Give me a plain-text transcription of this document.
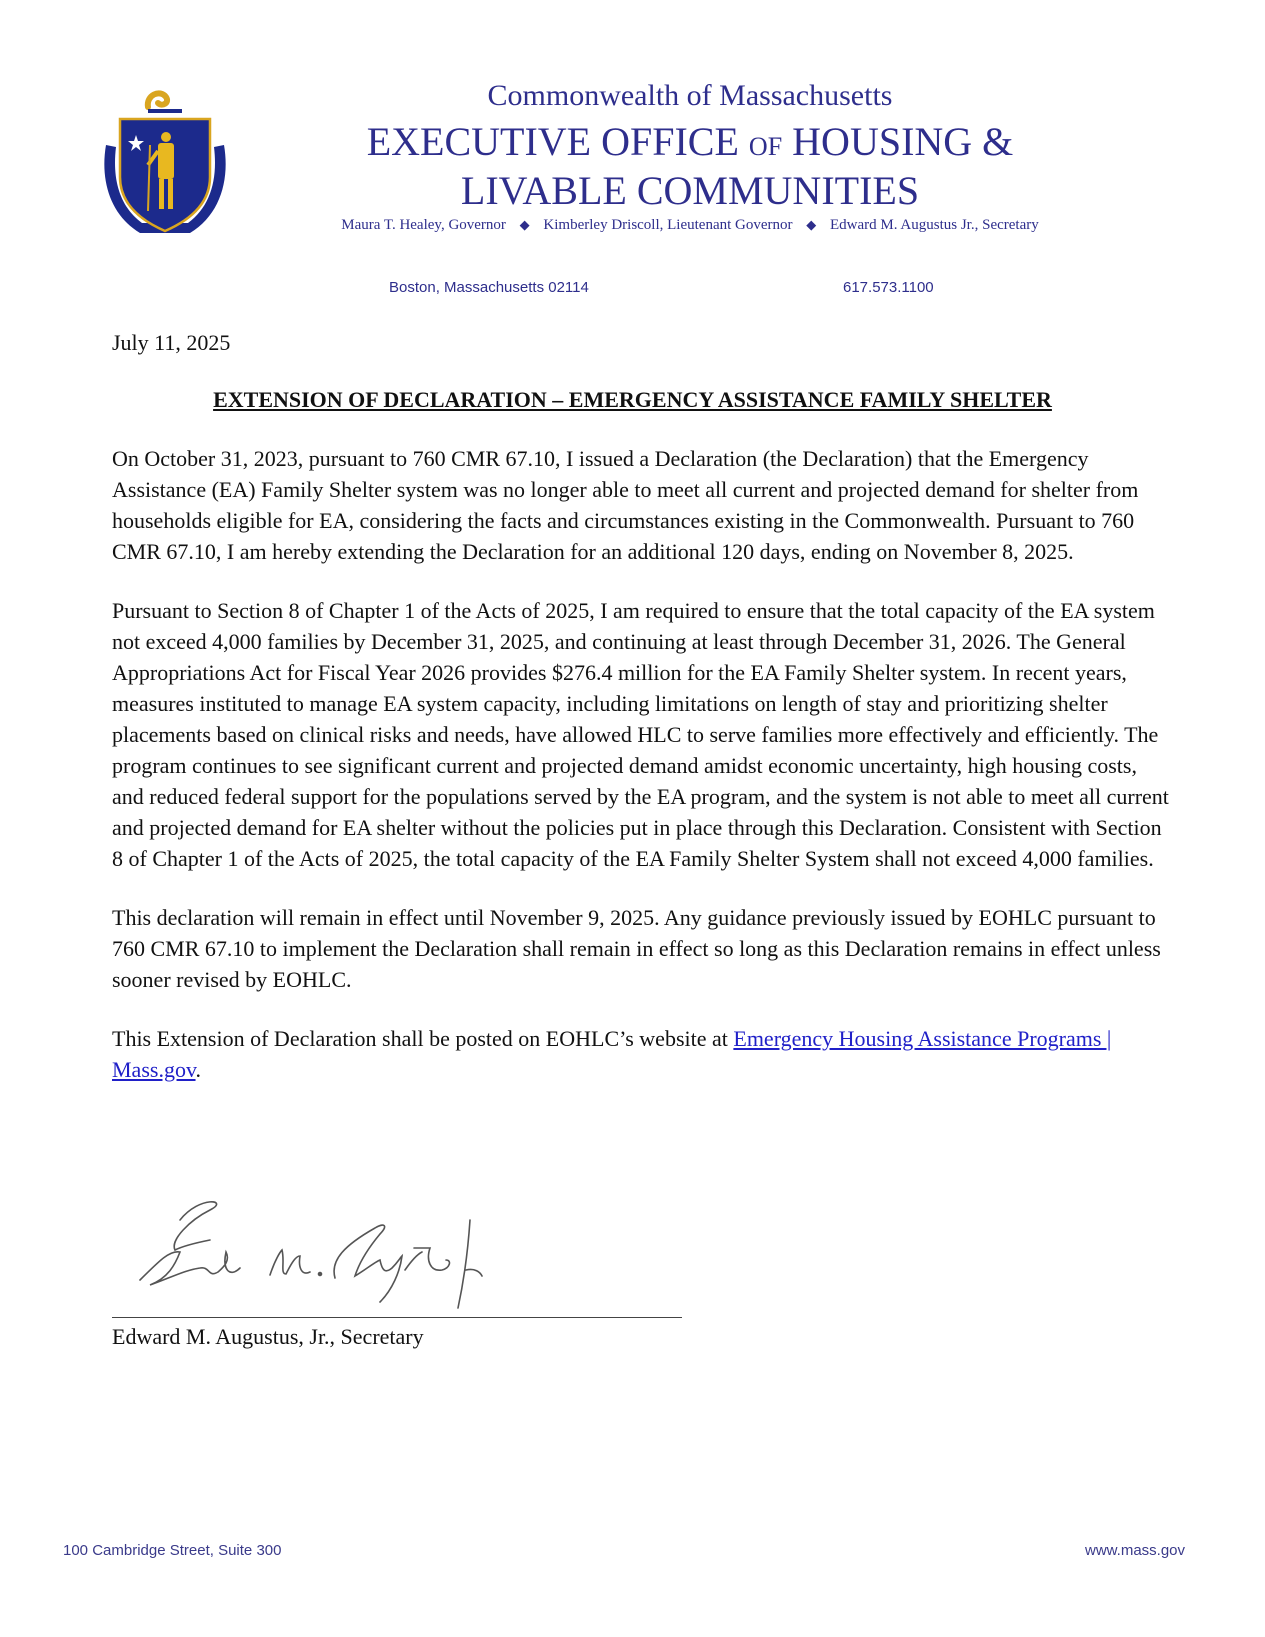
Commonwealth of Massachusetts
EXECUTIVE OFFICE OF HOUSING &
LIVABLE COMMUNITIES
Maura T. Healey, Governor ◆ Kimberley Driscoll, Lieutenant Governor ◆ Edward M. Augustus Jr., Secretary
Boston, Massachusetts 02114	617.573.1100
July 11, 2025
EXTENSION OF DECLARATION – EMERGENCY ASSISTANCE FAMILY SHELTER

On October 31, 2023, pursuant to 760 CMR 67.10, I issued a Declaration (the Declaration) that the Emergency Assistance (EA) Family Shelter system was no longer able to meet all current and projected demand for shelter from households eligible for EA, considering the facts and circumstances existing in the Commonwealth. Pursuant to 760 CMR 67.10, I am hereby extending the Declaration for an additional 120 days, ending on November 8, 2025.

Pursuant to Section 8 of Chapter 1 of the Acts of 2025, I am required to ensure that the total capacity of the EA system not exceed 4,000 families by December 31, 2025, and continuing at least through December 31, 2026. The General Appropriations Act for Fiscal Year 2026 provides $276.4 million for the EA Family Shelter system. In recent years, measures instituted to manage EA system capacity, including limitations on length of stay and prioritizing shelter placements based on clinical risks and needs, have allowed HLC to serve families more effectively and efficiently. The program continues to see significant current and projected demand amidst economic uncertainty, high housing costs, and reduced federal support for the populations served by the EA program, and the system is not able to meet all current and projected demand for EA shelter without the policies put in place through this Declaration. Consistent with Section 8 of Chapter 1 of the Acts of 2025, the total capacity of the EA Family Shelter System shall not exceed 4,000 families.

This declaration will remain in effect until November 9, 2025. Any guidance previously issued by EOHLC pursuant to 760 CMR 67.10 to implement the Declaration shall remain in effect so long as this Declaration remains in effect unless sooner revised by EOHLC.

This Extension of Declaration shall be posted on EOHLC’s website at Emergency Housing Assistance Programs | Mass.gov.

Edward M. Augustus, Jr., Secretary
100 Cambridge Street, Suite 300	www.mass.gov
